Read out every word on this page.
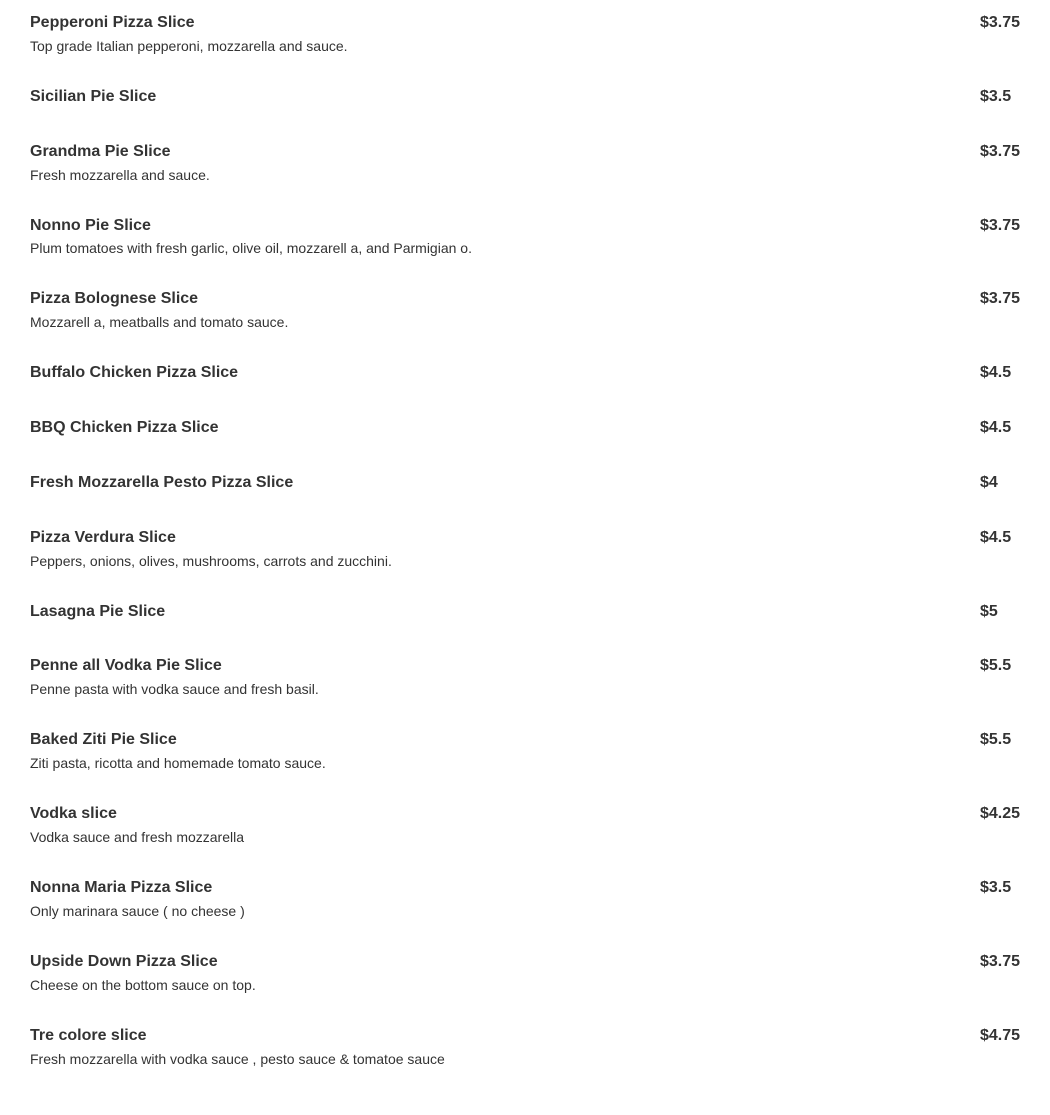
Pepperoni Pizza Slice
Top grade Italian pepperoni, mozzarella and sauce.
$3.75
Sicilian Pie Slice	$3.5
Grandma Pie Slice
Fresh mozzarella and sauce.
$3.75
Nonno Pie Slice
Plum tomatoes with fresh garlic, olive oil, mozzarell a, and Parmigian o.
$3.75
Pizza Bolognese Slice
Mozzarell a, meatballs and tomato sauce.
$3.75
Buffalo Chicken Pizza Slice	$4.5
BBQ Chicken Pizza Slice	$4.5
Fresh Mozzarella Pesto Pizza Slice	$4
Pizza Verdura Slice
Peppers, onions, olives, mushrooms, carrots and zucchini.
$4.5
Lasagna Pie Slice	$5
Penne all Vodka Pie Slice
Penne pasta with vodka sauce and fresh basil.
$5.5
Baked Ziti Pie Slice
Ziti pasta, ricotta and homemade tomato sauce.
$5.5
Vodka slice
Vodka sauce and fresh mozzarella
$4.25
Nonna Maria Pizza Slice
Only marinara sauce ( no cheese )
$3.5
Upside Down Pizza Slice
Cheese on the bottom sauce on top.
$3.75
Tre colore slice
Fresh mozzarella with vodka sauce , pesto sauce & tomatoe sauce
$4.75
